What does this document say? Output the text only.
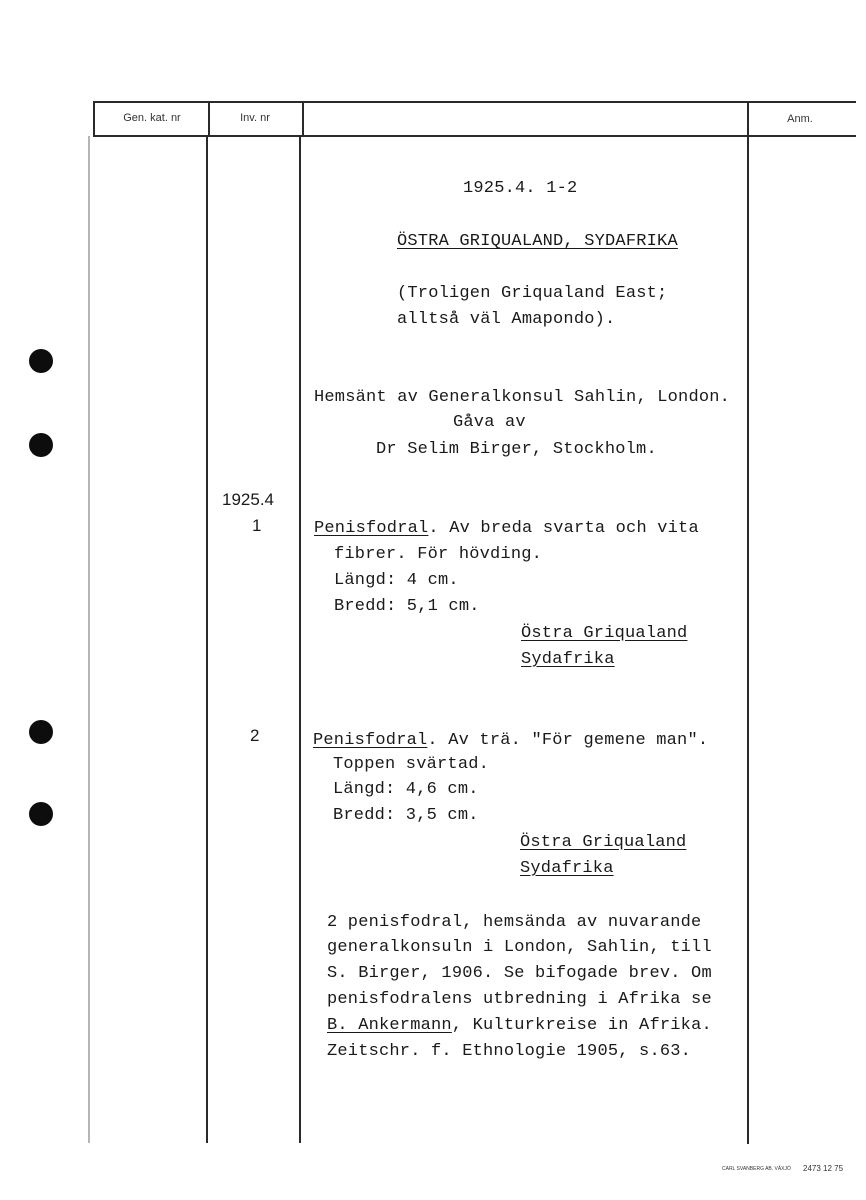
Gen. kat. nr	Inv. nr	Anm.
1925.4. 1-2
ÖSTRA GRIQUALAND, SYDAFRIKA
(Troligen Griqualand East;
alltså väl Amapondo).
Hemsänt av Generalkonsul Sahlin, London.
Gåva av
Dr Selim Birger, Stockholm.
1925.4
1
2
Penisfodral. Av breda svarta och vita
fibrer. För hövding.
Längd: 4 cm.
Bredd: 5,1 cm.
Östra Griqualand
Sydafrika
Penisfodral. Av trä. "För gemene man".
Toppen svärtad.
Längd: 4,6 cm.
Bredd: 3,5 cm.
Östra Griqualand
Sydafrika
2 penisfodral, hemsända av nuvarande
generalkonsuln i London, Sahlin, till
S. Birger, 1906. Se bifogade brev. Om
penisfodralens utbredning i Afrika se
B. Ankermann, Kulturkreise in Afrika.
Zeitschr. f. Ethnologie 1905, s.63.
CARL SVANBERG AB. VÄXJÖ 2473 12 75
